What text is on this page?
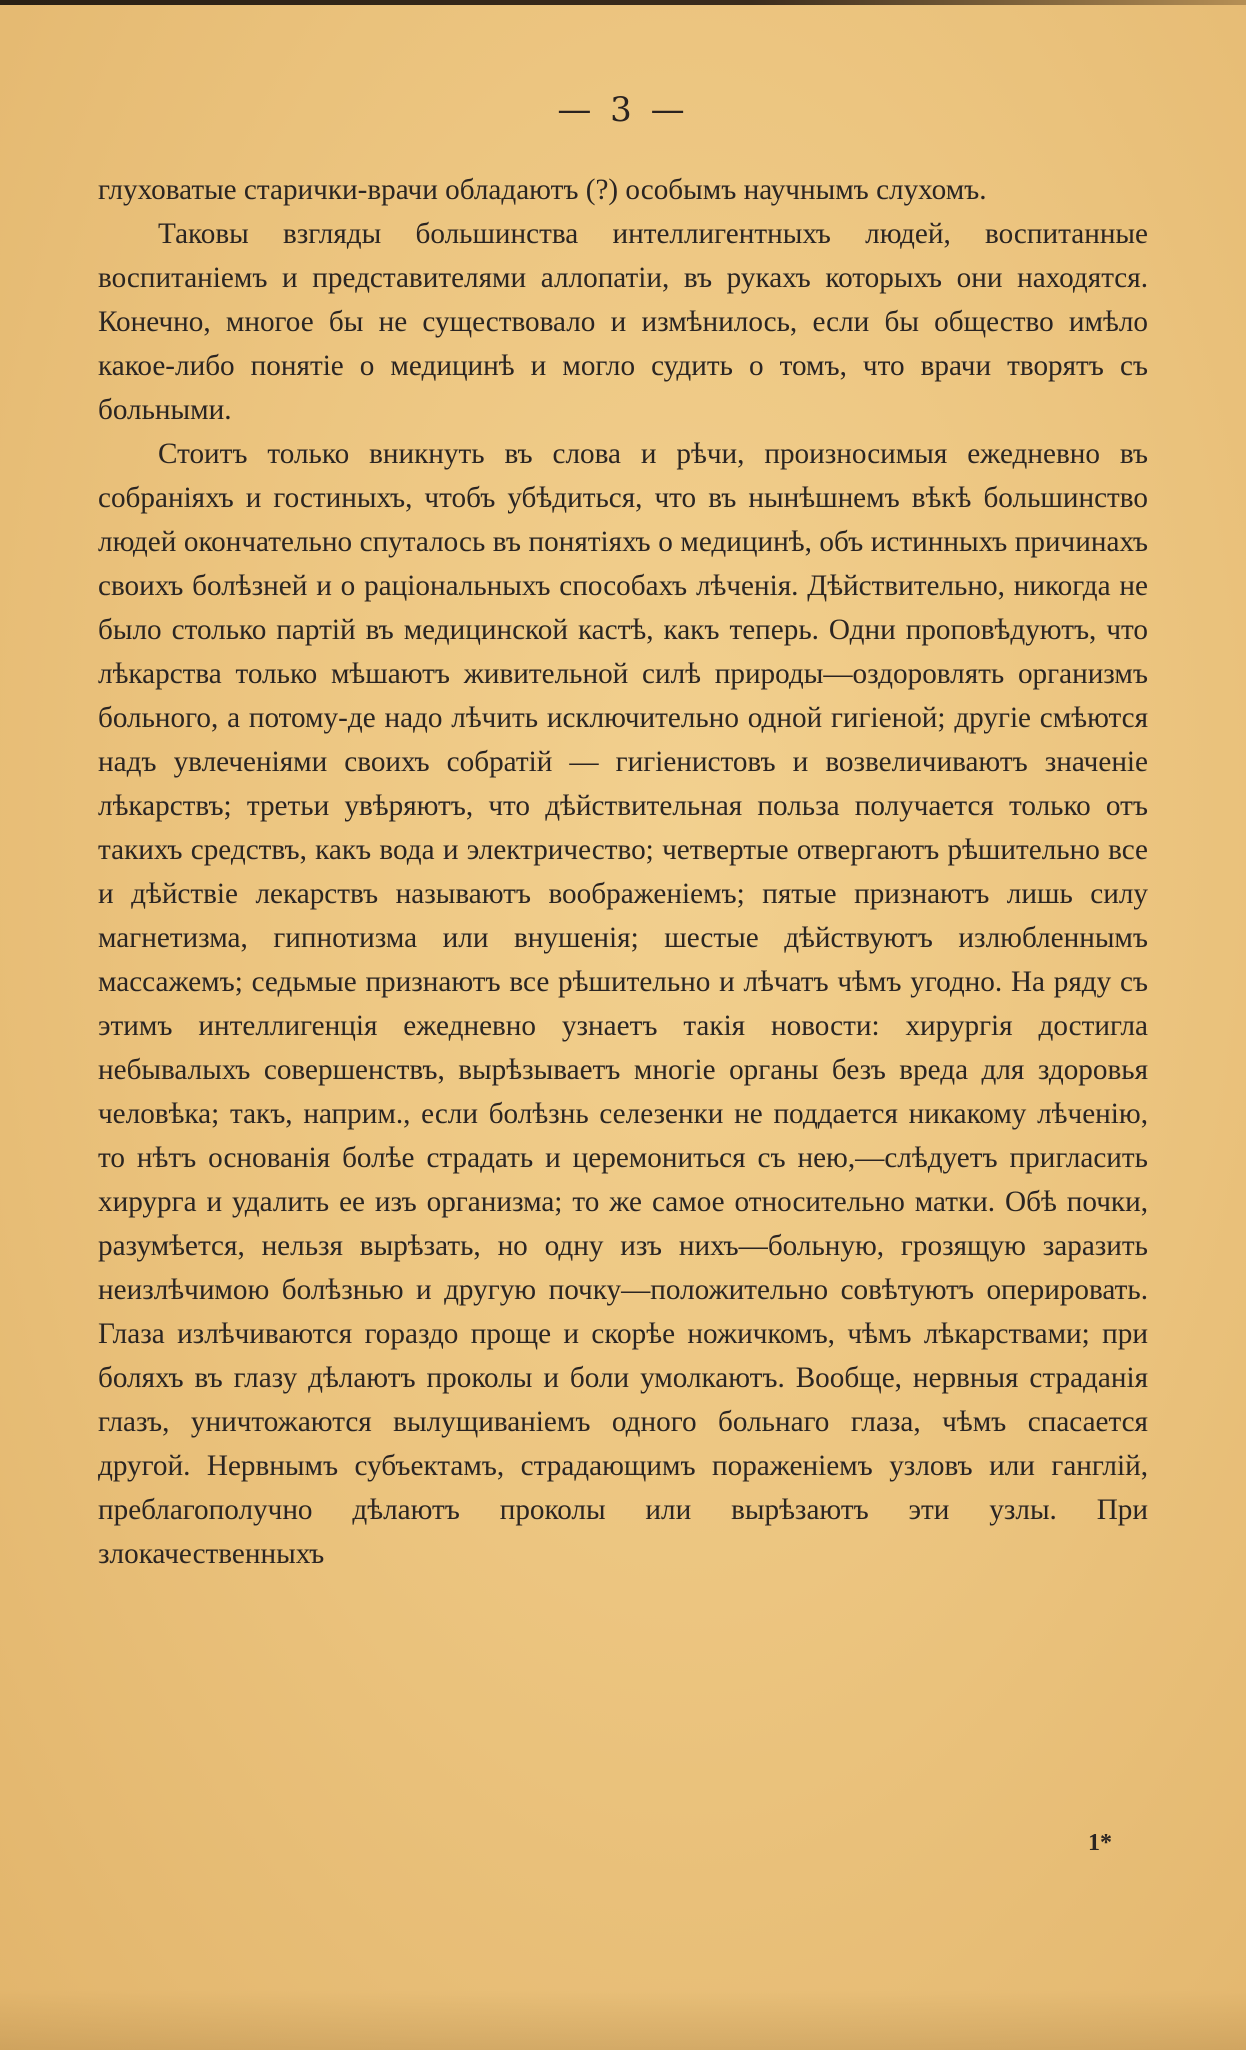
— 3 —

глуховатые старички-врачи обладаютъ (?) особымъ научнымъ слухомъ.

Таковы взгляды большинства интеллигентныхъ людей, воспитанные воспитаніемъ и представителями аллопатіи, въ рукахъ которыхъ они находятся. Конечно, многое бы не существовало и измѣнилось, если бы общество имѣло какое-либо понятіе о медицинѣ и могло судить о томъ, что врачи творятъ съ больными.

Стоитъ только вникнуть въ слова и рѣчи, произносимыя ежедневно въ собраніяхъ и гостиныхъ, чтобъ убѣдиться, что въ нынѣшнемъ вѣкѣ большинство людей окончательно спуталось въ понятіяхъ о медицинѣ, объ истинныхъ причинахъ своихъ болѣзней и о раціональныхъ способахъ лѣченія. Дѣйствительно, никогда не было столько партій въ медицинской кастѣ, какъ теперь. Одни проповѣдуютъ, что лѣкарства только мѣшаютъ живительной силѣ природы—оздоровлять организмъ больного, а потому-де надо лѣчить исключительно одной гигіеной; другіе смѣются надъ увлеченіями своихъ собратій — гигіенистовъ и возвеличиваютъ значеніе лѣкарствъ; третьи увѣряютъ, что дѣйствительная польза получается только отъ такихъ средствъ, какъ вода и электричество; четвертые отвергаютъ рѣшительно все и дѣйствіе лекарствъ называютъ воображеніемъ; пятые признаютъ лишь силу магнетизма, гипнотизма или внушенія; шестые дѣйствуютъ излюбленнымъ массажемъ; седьмые признаютъ все рѣшительно и лѣчатъ чѣмъ угодно. На ряду съ этимъ интеллигенція ежедневно узнаетъ такія новости: хирургія достигла небывалыхъ совершенствъ, вырѣзываетъ многіе органы безъ вреда для здоровья человѣка; такъ, наприм., если болѣзнь селезенки не поддается никакому лѣченію, то нѣтъ основанія болѣе страдать и церемониться съ нею,—слѣдуетъ пригласить хирурга и удалить ее изъ организма; то же самое относительно матки. Обѣ почки, разумѣется, нельзя вырѣзать, но одну изъ нихъ—больную, грозящую заразить неизлѣчимою болѣзнью и другую почку—положительно совѣтуютъ оперировать. Глаза излѣчиваются гораздо проще и скорѣе ножичкомъ, чѣмъ лѣкарствами; при боляхъ въ глазу дѣлаютъ проколы и боли умолкаютъ. Вообще, нервныя страданія глазъ, уничтожаются вылущиваніемъ одного больнаго глаза, чѣмъ спасается другой. Нервнымъ субъектамъ, страдающимъ пораженіемъ узловъ или ганглій, преблагополучно дѣлаютъ проколы или вырѣзаютъ эти узлы. При злокачественныхъ

1*
